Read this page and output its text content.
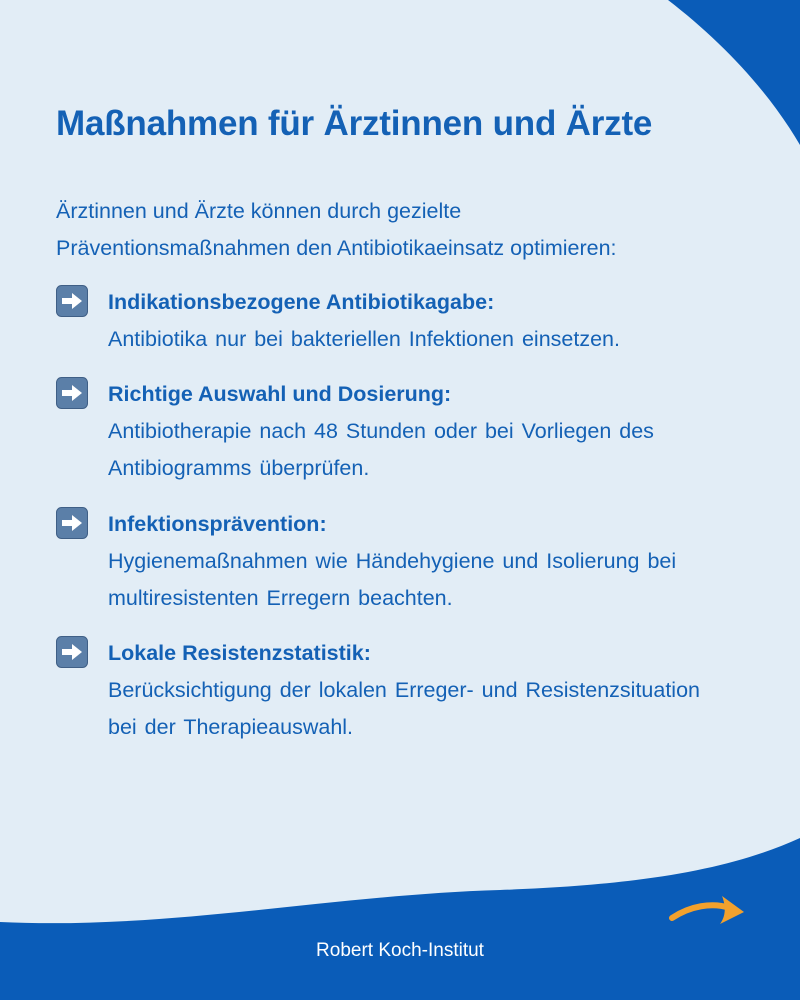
Maßnahmen für Ärztinnen und Ärzte

Ärztinnen und Ärzte können durch gezielte
Präventionsmaßnahmen den Antibiotikaeinsatz optimieren:

Indikationsbezogene Antibiotikagabe:
Antibiotika nur bei bakteriellen Infektionen einsetzen.
Richtige Auswahl und Dosierung:
Antibiotherapie nach 48 Stunden oder bei Vorliegen des
Antibiogramms überprüfen.
Infektionsprävention:
Hygienemaßnahmen wie Händehygiene und Isolierung bei
multiresistenten Erregern beachten.
Lokale Resistenzstatistik:
Berücksichtigung der lokalen Erreger- und Resistenzsituation
bei der Therapieauswahl.
Robert Koch-Institut
